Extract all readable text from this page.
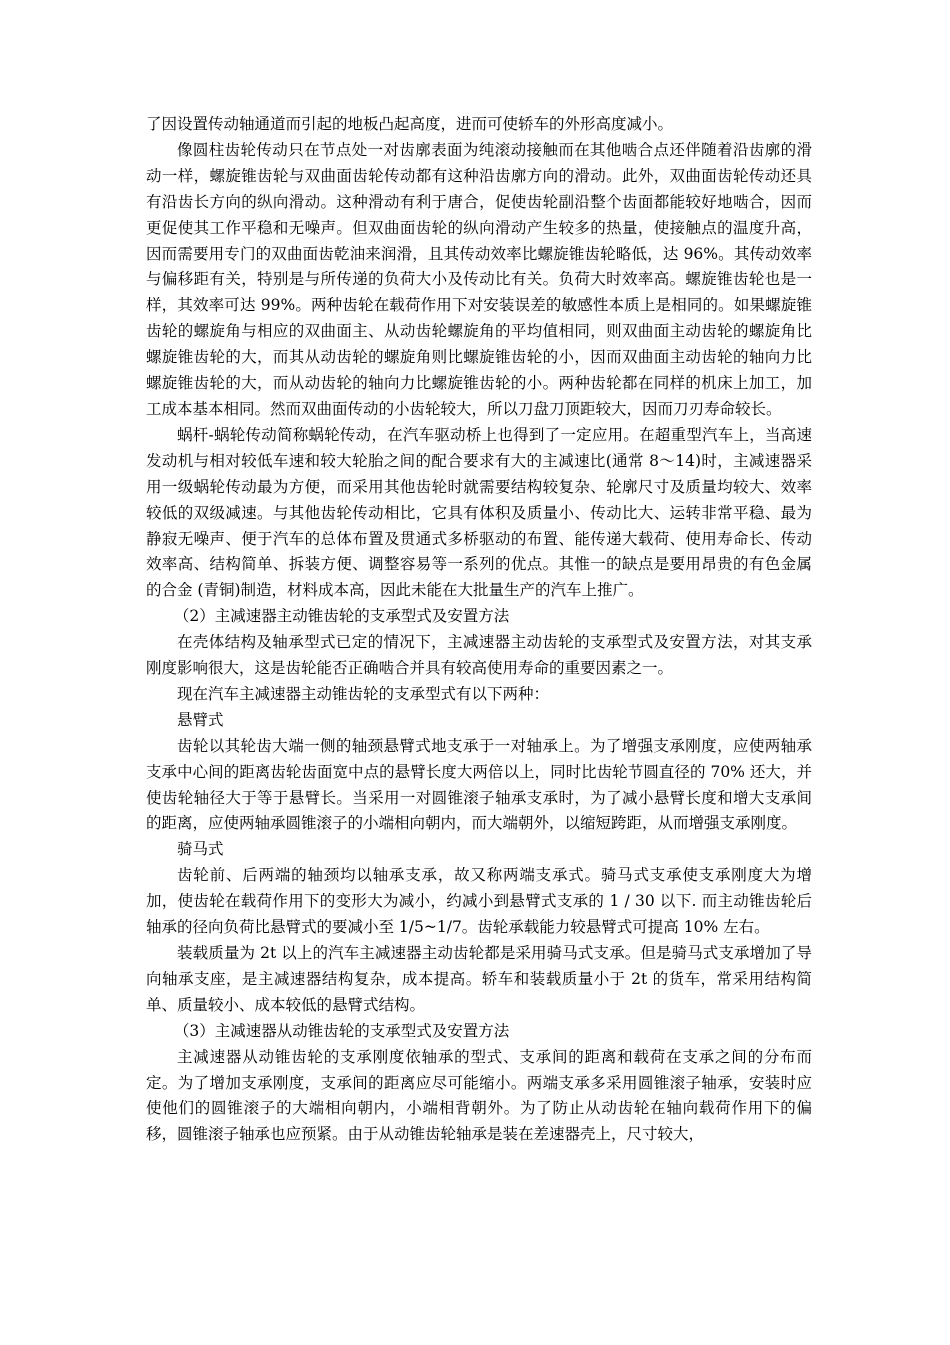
了因设置传动轴通道而引起的地板凸起高度，进而可使轿车的外形高度减小。

像圆柱齿轮传动只在节点处一对齿廓表面为纯滚动接触而在其他啮合点还伴随着沿齿廓的滑动一样，螺旋锥齿轮与双曲面齿轮传动都有这种沿齿廓方向的滑动。此外，双曲面齿轮传动还具有沿齿长方向的纵向滑动。这种滑动有利于唐合，促使齿轮副沿整个齿面都能较好地啮合，因而更促使其工作平稳和无噪声。但双曲面齿轮的纵向滑动产生较多的热量，使接触点的温度升高，因而需要用专门的双曲面齿乾油来润滑，且其传动效率比螺旋锥齿轮略低，达 96%。其传动效率与偏移距有关，特别是与所传递的负荷大小及传动比有关。负荷大时效率高。螺旋锥齿轮也是一样，其效率可达 99%。两种齿轮在载荷作用下对安装误差的敏感性本质上是相同的。如果螺旋锥齿轮的螺旋角与相应的双曲面主、从动齿轮螺旋角的平均值相同，则双曲面主动齿轮的螺旋角比螺旋锥齿轮的大，而其从动齿轮的螺旋角则比螺旋锥齿轮的小，因而双曲面主动齿轮的轴向力比螺旋锥齿轮的大，而从动齿轮的轴向力比螺旋锥齿轮的小。两种齿轮都在同样的机床上加工，加工成本基本相同。然而双曲面传动的小齿轮较大，所以刀盘刀顶距较大，因而刀刃寿命较长。

蜗杆-蜗轮传动简称蜗轮传动，在汽车驱动桥上也得到了一定应用。在超重型汽车上，当高速发动机与相对较低车速和较大轮胎之间的配合要求有大的主减速比(通常 8～14)时，主减速器采用一级蜗轮传动最为方便，而采用其他齿轮时就需要结构较复杂、轮廓尺寸及质量均较大、效率较低的双级减速。与其他齿轮传动相比，它具有体积及质量小、传动比大、运转非常平稳、最为静寂无噪声、便于汽车的总体布置及贯通式多桥驱动的布置、能传递大载荷、使用寿命长、传动效率高、结构简单、拆装方便、调整容易等一系列的优点。其惟一的缺点是要用昂贵的有色金属的合金 (青铜)制造，材料成本高，因此未能在大批量生产的汽车上推广。

（2）主减速器主动锥齿轮的支承型式及安置方法

在壳体结构及轴承型式已定的情况下，主减速器主动齿轮的支承型式及安置方法，对其支承刚度影响很大，这是齿轮能否正确啮合并具有较高使用寿命的重要因素之一。

现在汽车主减速器主动锥齿轮的支承型式有以下两种：

悬臂式

齿轮以其轮齿大端一侧的轴颈悬臂式地支承于一对轴承上。为了增强支承刚度，应使两轴承支承中心间的距离齿轮齿面宽中点的悬臂长度大两倍以上，同时比齿轮节圆直径的 70% 还大，并使齿轮轴径大于等于悬臂长。当采用一对圆锥滚子轴承支承时，为了减小悬臂长度和增大支承间的距离，应使两轴承圆锥滚子的小端相向朝内，而大端朝外，以缩短跨距，从而增强支承刚度。

骑马式

齿轮前、后两端的轴颈均以轴承支承，故又称两端支承式。骑马式支承使支承刚度大为增加，使齿轮在载荷作用下的变形大为减小，约减小到悬臂式支承的 1 / 30 以下. 而主动锥齿轮后轴承的径向负荷比悬臂式的要减小至 1/5~1/7。齿轮承载能力较悬臂式可提高 10% 左右。

装载质量为 2t 以上的汽车主减速器主动齿轮都是采用骑马式支承。但是骑马式支承增加了导向轴承支座，是主减速器结构复杂，成本提高。轿车和装载质量小于 2t 的货车，常采用结构简单、质量较小、成本较低的悬臂式结构。

（3）主减速器从动锥齿轮的支承型式及安置方法

主减速器从动锥齿轮的支承刚度依轴承的型式、支承间的距离和载荷在支承之间的分布而定。为了增加支承刚度，支承间的距离应尽可能缩小。两端支承多采用圆锥滚子轴承，安装时应使他们的圆锥滚子的大端相向朝内，小端相背朝外。为了防止从动齿轮在轴向载荷作用下的偏移，圆锥滚子轴承也应预紧。由于从动锥齿轮轴承是装在差速器壳上，尺寸较大，
